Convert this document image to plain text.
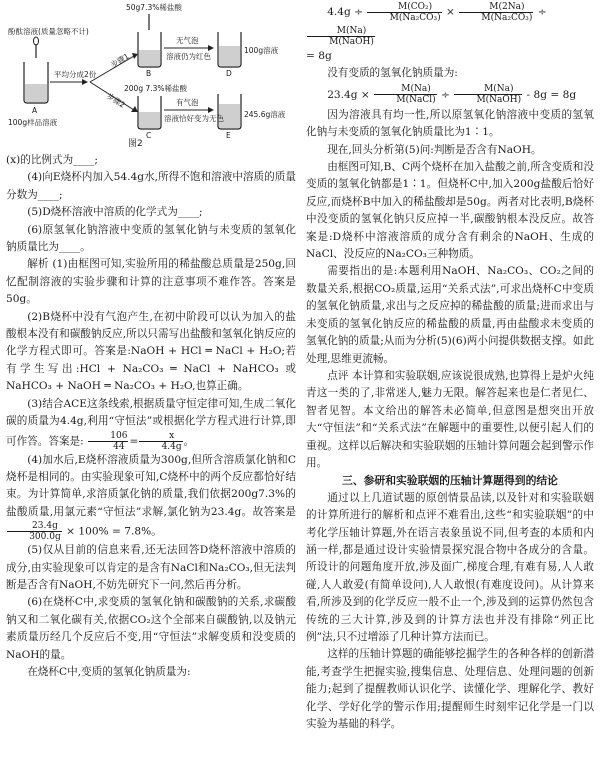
50g7.3%稀盐酸
酚酞溶液(质量忽略不计)
A
100g样品溶液
平均分成2份
步骤1
步骤2
B
无气泡
溶液仍为红色
D
100g溶液
200g 7.3%稀盐酸
有气泡
溶液恰好变为无色
C	E
245.6g溶液
图2

(x)的比例式为____;

(4)向E烧杯内加入54.4g水,所得不饱和溶液中溶质的质量分数为____;

(5)D烧杯溶液中溶质的化学式为____;

(6)原氢氧化钠溶液中变质的氢氧化钠与未变质的氢氧化钠质量比为____。

解析 (1)由框图可知,实验所用的稀盐酸总质量是250g,回忆配制溶液的实验步骤和计算的注意事项不难作答。答案是50g。

(2)B烧杯中没有气泡产生,在初中阶段可以认为加入的盐酸根本没有和碳酸钠反应,所以只需写出盐酸和氢氧化钠反应的化学方程式即可。答案是:NaOH + HCl ═ NaCl + H₂O;若有学生写出:HCl + Na₂CO₃ ═ NaCl + NaHCO₃ 或 NaHCO₃ + NaOH ═ Na₂CO₃ + H₂O,也算正确。

(3)结合ACE这条线索,根据质量守恒定律可知,生成二氧化碳的质量为4.4g,利用“守恒法”或根据化学方程式进行计算,即可作答。答案是: $\frac{106}{44} = \frac{x}{4.4g}$ 。

(4)加水后,E烧杯溶液质量为300g,但所含溶质氯化钠和C烧杯是相同的。由实验现象可知,C烧杯中的两个反应都恰好结束。为计算简单,求溶质氯化钠的质量,我们依据200g7.3%的盐酸质量,用氯元素“守恒法”求解,氯化钠为23.4g。故答案是
$\frac{23.4g}{300.0g} \times 100\% = 7.8\%$。

(5)仅从目前的信息来看,还无法回答D烧杯溶液中溶质的成分,由实验现象可以肯定的是含有NaCl和Na₂CO₃,但无法判断是否含有NaOH,不妨先研究下一问,然后再分析。

(6)在烧杯C中,求变质的氢氧化钠和碳酸钠的关系,求碳酸钠又和二氧化碳有关,依据CO₂这个全部来自碳酸钠,以及钠元素质量历经几个反应后不变,用“守恒法”求解变质和没变质的NaOH的量。

在烧杯C中,变质的氢氧化钠质量为:

$4.4g \div \frac{\text{M(CO₂)}}{\text{M(Na₂CO₃)}} \times \frac{M(2Na)}{\text{M(Na₂CO₃)}}$ ÷
$\frac{M(Na)}{\text{M(NaOH)}}$

= 8g

没有变质的氢氧化钠质量为:

$23.4g \times \frac{M(Na)}{\text{M(NaCl)}} \div \frac{M(Na)}{\text{M(NaOH)}} - 8g = 8g$

因为溶液具有均一性,所以原氢氧化钠溶液中变质的氢氧化钠与未变质的氢氧化钠质量比为1∶1。

现在,回头分析第(5)问:判断是否含有NaOH。

由框图可知,B、C两个烧杯在加入盐酸之前,所含变质和没变质的氢氧化钠都是1∶1。但烧杯C中,加入200g盐酸后恰好反应,而烧杯B中加入的稀盐酸却是50g。两者对比表明,B烧杯中没变质的氢氧化钠只反应掉一半,碳酸钠根本没反应。故答案是:D烧杯中溶液溶质的成分含有剩余的NaOH、生成的NaCl、没反应的Na₂CO₃三种物质。

需要指出的是:本题利用NaOH、Na₂CO₃、CO₂之间的数量关系,根据CO₂质量,运用“关系式法”,可求出烧杯C中变质的氢氧化钠质量,求出与之反应掉的稀盐酸的质量;进而求出与未变质的氢氧化钠反应的稀盐酸的质量,再由盐酸求未变质的氢氧化钠的质量;从而为分析(5)(6)两小问提供数据支撑。如此处理,思维更流畅。

点评 本计算和实验联姻,应该说很成熟,也算得上是炉火纯青这一类的了,非常迷人,魅力无限。解答起来也是仁者见仁、智者见智。本文给出的解答未必简单,但意图是想突出开放大“守恒法”和“关系式法”在解题中的重要性,以便引起人们的重视。这样以后解决和实验联姻的压轴计算问题会起到警示作用。

三、参研和实验联姻的压轴计算题得到的结论

通过以上几道试题的原创情景品读,以及针对和实验联姻的计算所进行的解析和点评不难看出,这些“和实验联姻”的中考化学压轴计算题,外在语言表象虽说不同,但考查的本质和内涵一样,都是通过设计实验情景探究混合物中各成分的含量。所设计的问题角度开放,涉及面广,梯度合理,有难有易,人人敢碰,人人敢爱(有简单设问),人人敢恨(有难度设问)。从计算来看,所涉及到的化学反应一般不止一个,涉及到的运算仍然包含传统的三大计算,涉及到的计算方法也并没有排除“列正比例”法,只不过增添了几种计算方法而已。

这样的压轴计算题的确能够挖掘学生的各种各样的创新潜能,考查学生把握实验,搜集信息、处理信息、处理问题的创新能力;起到了提醒教师认识化学、读懂化学、理解化学、教好化学、学好化学的警示作用;提醒师生时刻牢记化学是一门以实验为基础的科学。
